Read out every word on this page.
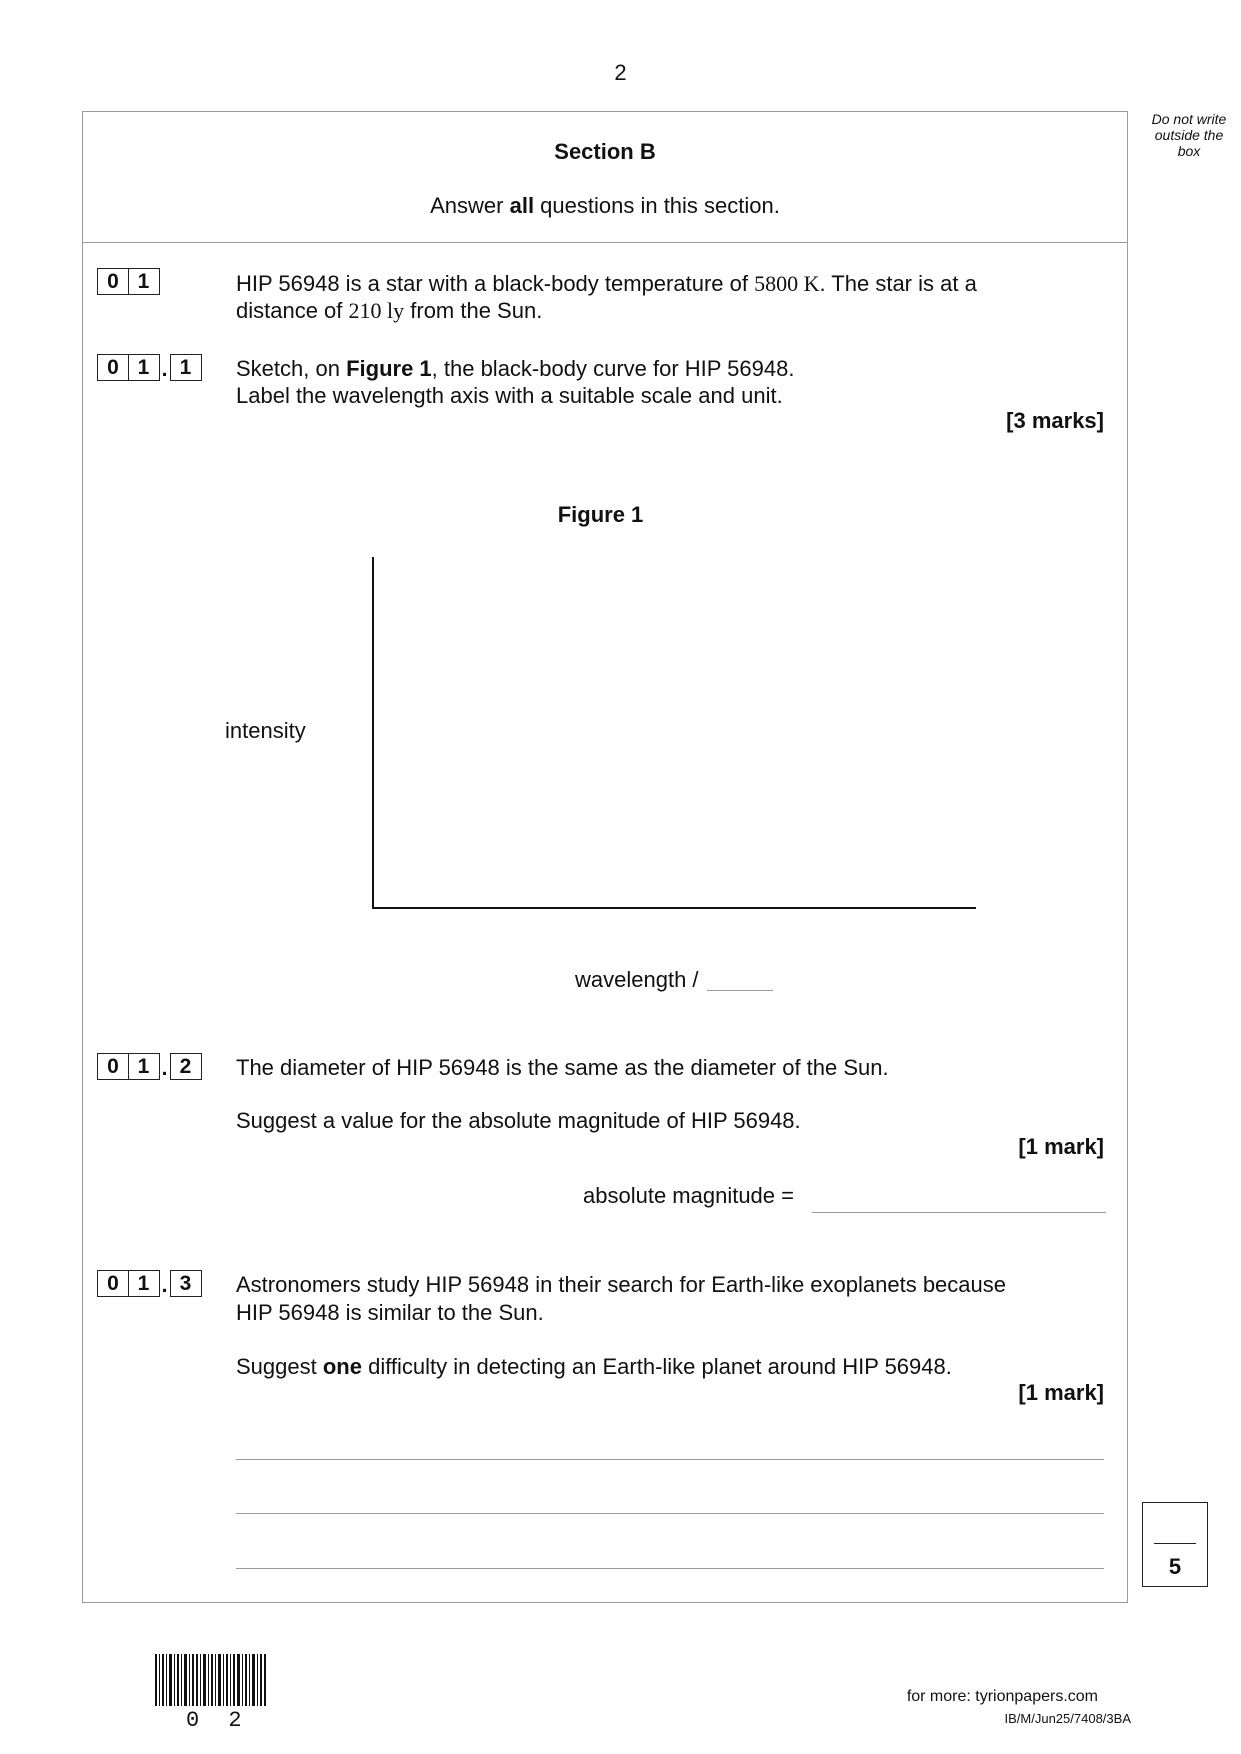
2
Do not write
outside the
box
Section B
Answer all questions in this section.
0 1	HIP 56948 is a star with a black-body temperature of 5800 K. The star is at a
distance of 210 ly from the Sun.
0 1 . 1	Sketch, on Figure 1, the black-body curve for HIP 56948.
Label the wavelength axis with a suitable scale and unit.
[3 marks]
Figure 1
intensity
wavelength /
0 1 . 2	The diameter of HIP 56948 is the same as the diameter of the Sun.
Suggest a value for the absolute magnitude of HIP 56948.
[1 mark]
absolute magnitude =
0 1 . 3	Astronomers study HIP 56948 in their search for Earth-like exoplanets because
HIP 56948 is similar to the Sun.
Suggest one difficulty in detecting an Earth-like planet around HIP 56948.
[1 mark]
5
0 2
for more: tyrionpapers.com
IB/M/Jun25/7408/3BA
